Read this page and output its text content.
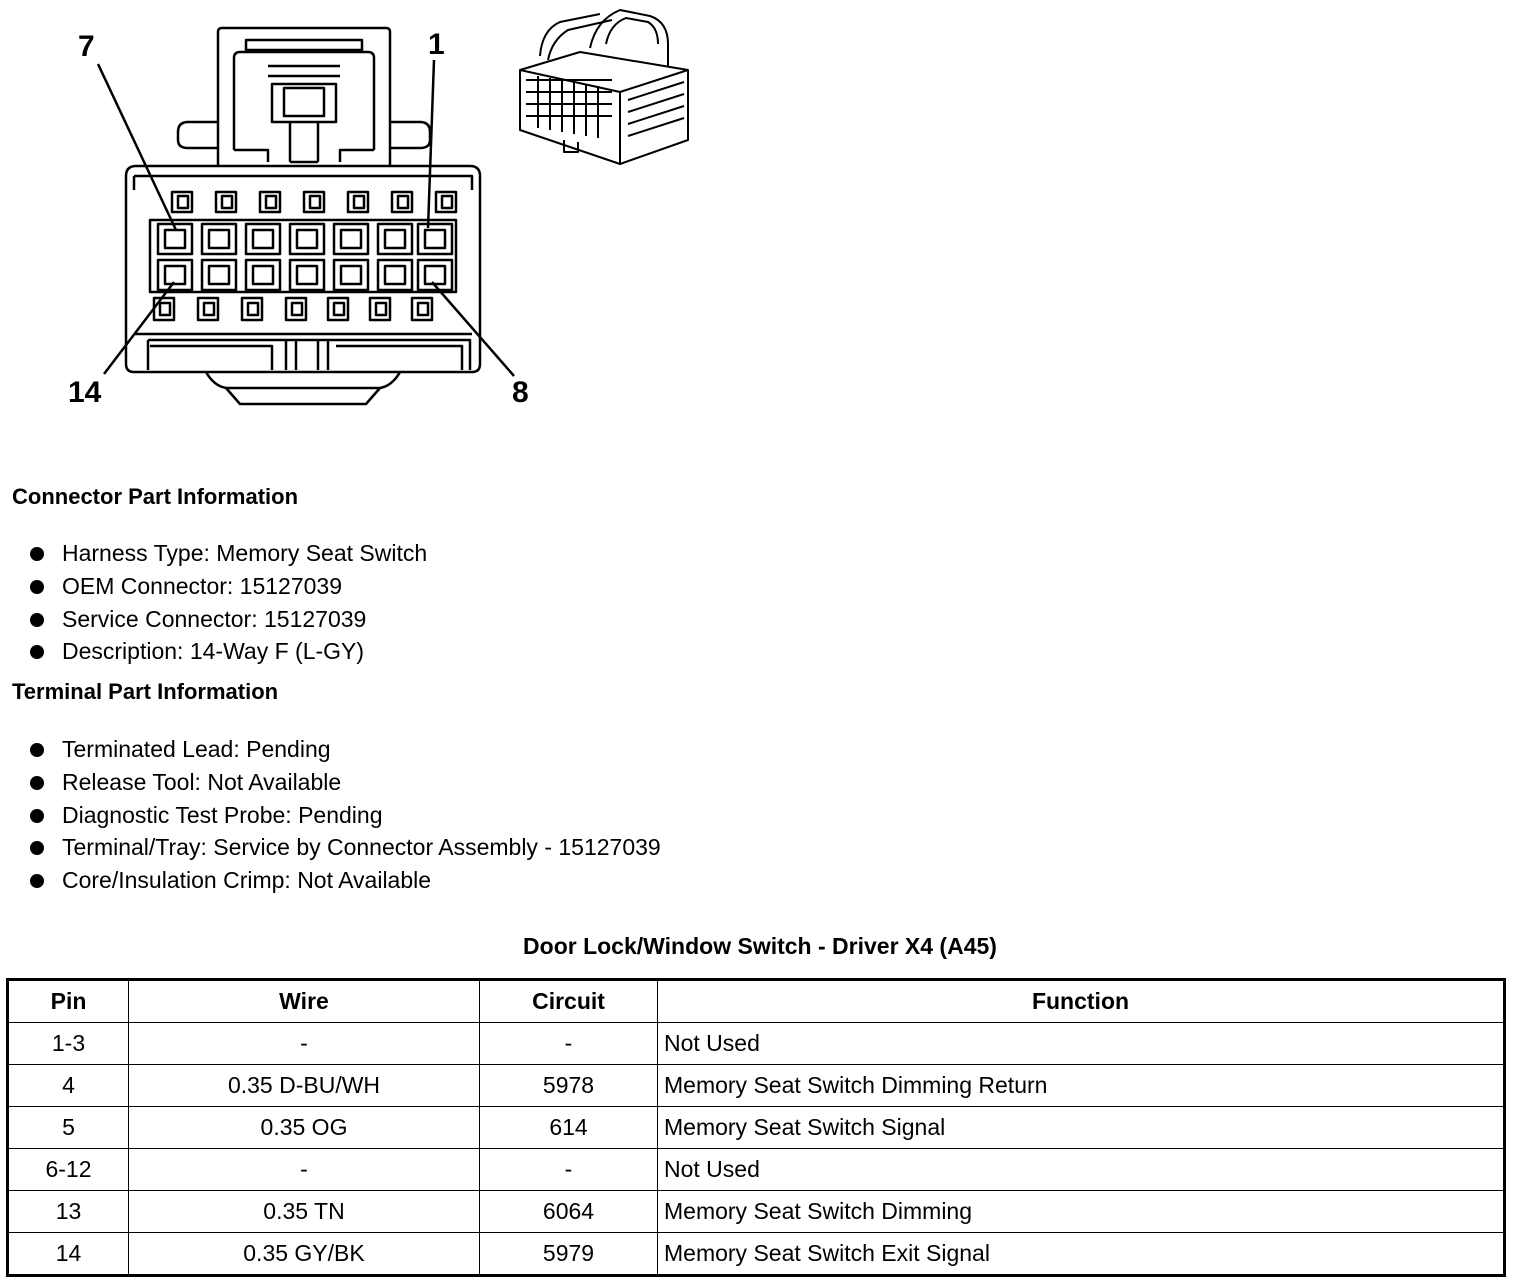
7	1
14	8
Connector Part Information
Harness Type: Memory Seat Switch
OEM Connector: 15127039
Service Connector: 15127039
Description: 14-Way F (L-GY)
Terminal Part Information
Terminated Lead: Pending
Release Tool: Not Available
Diagnostic Test Probe: Pending
Terminal/Tray: Service by Connector Assembly - 15127039
Core/Insulation Crimp: Not Available
Door Lock/Window Switch - Driver X4 (A45)
Pin	Wire	Circuit	Function
1-3	-	-	Not Used
4	0.35 D-BU/WH	5978	Memory Seat Switch Dimming Return
5	0.35 OG	614	Memory Seat Switch Signal
6-12	-	-	Not Used
13	0.35 TN	6064	Memory Seat Switch Dimming
14	0.35 GY/BK	5979	Memory Seat Switch Exit Signal
